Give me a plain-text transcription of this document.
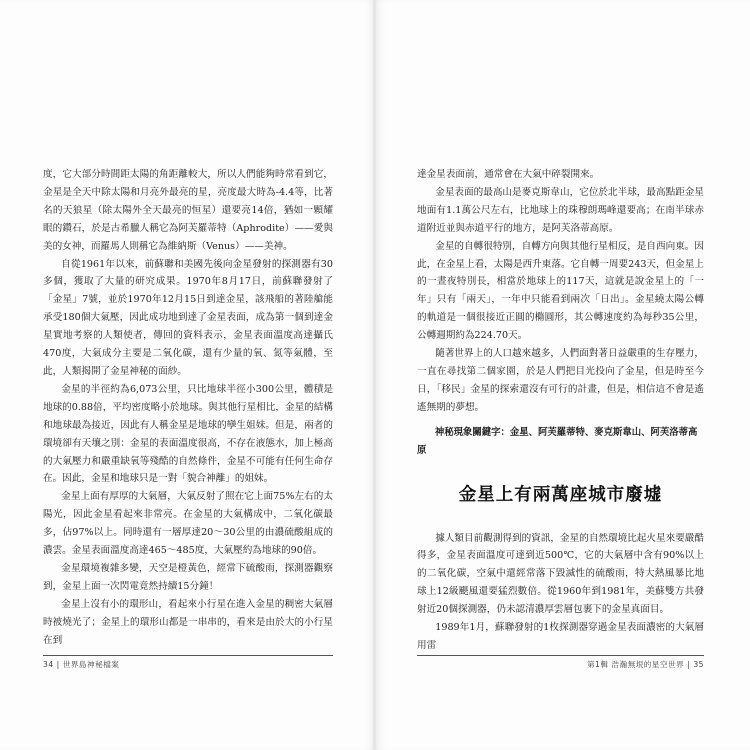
度，它大部分時間距太陽的角距離較大，所以人們能夠時常看到它，金星是全天中除太陽和月亮外最亮的星，亮度最大時為-4.4等，比著名的天狼星（除太陽外全天最亮的恒星）還要亮14倍，猶如一顆耀眼的鑽石，於是古希臘人稱它為阿芙羅蒂特（Aphrodite）——愛與美的女神，而羅馬人則稱它為維納斯（Venus）——美神。

自從1961年以來，前蘇聯和美國先後向金星發射的探測器有30多個，獲取了大量的研究成果。1970年8月17日，前蘇聯發射了「金星」7號，並於1970年12月15日到達金星，該飛船的著陸艙能承受180個大氣壓，因此成功地到達了金星表面，成為第一個到達金星實地考察的人類使者，傳回的資料表示，金星表面溫度高達攝氏470度，大氣成分主要是二氧化碳，還有少量的氧、氮等氣體，至此，人類揭開了金星神秘的面紗。

金星的半徑約為6,073公里，只比地球半徑小300公里，體積是地球的0.88倍，平均密度略小於地球。與其他行星相比，金星的結構和地球最為接近，因此有人稱金星是地球的孿生姐妹。但是，兩者的環境卻有天壤之別：金星的表面溫度很高，不存在液態水，加上極高的大氣壓力和嚴重缺氧等殘酷的自然條件，金星不可能有任何生命存在。因此，金星和地球只是一對「貌合神離」的姐妹。

金星上面有厚厚的大氣層，大氣反射了照在它上面75%左右的太陽光，因此金星看起來非常亮。在金星的大氣構成中，二氧化碳最多，佔97%以上。同時還有一層厚達20～30公里的由濃硫酸組成的濃雲。金星表面溫度高達465～485度，大氣壓約為地球的90倍。

金星環境複雜多變，天空是橙黃色，經常下硫酸雨，探測器觀察到，金星上面一次閃電竟然持續15分鐘！

金星上沒有小的環形山，看起來小行星在進入金星的稠密大氣層時被燒光了；金星上的環形山都是一串串的，看來是由於大的小行星在到

34 | 世界島神秘檔案

達金星表面前，通常會在大氣中碎裂開來。

金星表面的最高山是麥克斯韋山，它位於北半球，最高點距金星地面有1.1萬公尺左右，比地球上的珠穆朗瑪峰還要高；在南半球赤道附近並與赤道平行的地方，是阿芙洛蒂高原。

金星的自轉很特別，自轉方向與其他行星相反，是自西向東。因此，在金星上看，太陽是西升東落。它自轉一周要243天，但金星上的一晝夜特別長，相當於地球上的117天，這就是說金星上的「一年」只有「兩天」，一年中只能看到兩次「日出」。金星繞太陽公轉的軌道是一個很接近正圓的橢圓形，其公轉速度約為每秒35公里，公轉週期約為224.70天。

隨著世界上的人口越來越多，人們面對著日益嚴重的生存壓力，一直在尋找第二個家園，於是人們把目光投向了金星，但是時至今日，「移民」金星的探索還沒有可行的計畫，但是，相信這不會是遙遙無期的夢想。

神秘現象關鍵字：金星、阿芙羅蒂特、麥克斯韋山、阿芙洛蒂高原

金星上有兩萬座城市廢墟

據人類目前觀測得到的資訊，金星的自然環境比起火星來要嚴酷得多，金星表面溫度可達到近500℃，它的大氣層中含有90%以上的二氧化碳，空氣中還經常落下毀滅性的硫酸雨，特大熱風暴比地球上12級颶風還要猛烈數倍。從1960年到1981年，美蘇雙方共發射近20個探測器，仍未認清濃厚雲層包裹下的金星真面目。

1989年1月，蘇聯發射的1枚探測器穿過金星表面濃密的大氣層用雷

第1輯 浩瀚無垠的星空世界 | 35
